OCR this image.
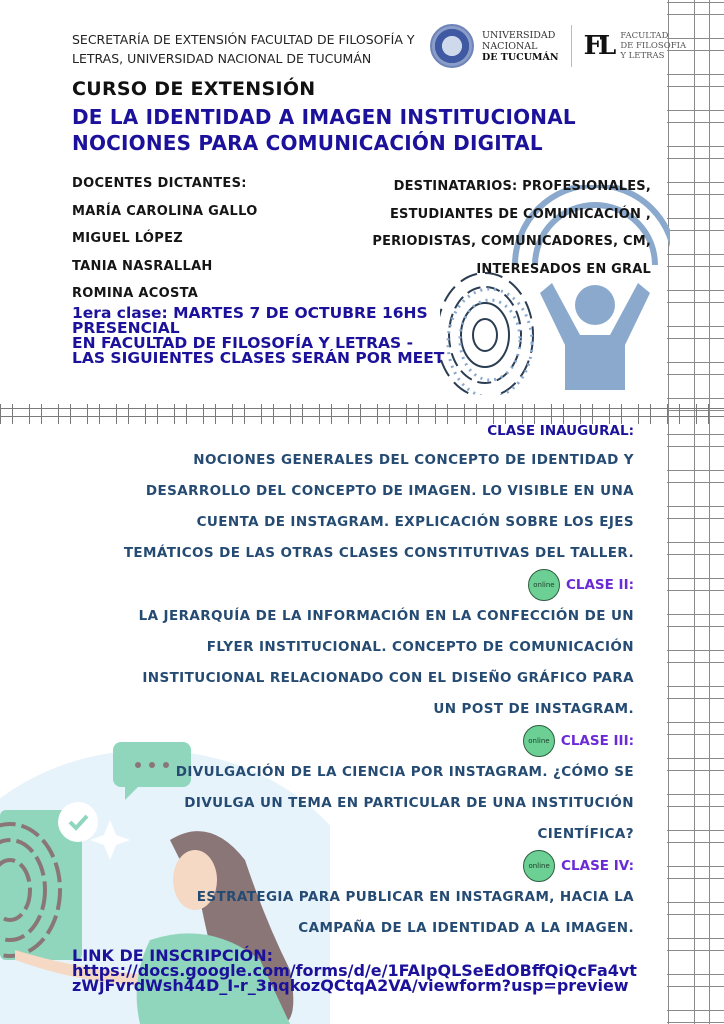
SECRETARÍA DE EXTENSIÓN FACULTAD DE FILOSOFÍA Y
LETRAS, UNIVERSIDAD NACIONAL DE TUCUMÁN
UNIVERSIDAD
NACIONAL
DE TUCUMÁN FL FACULTAD
DE FILOSOFIA
Y LETRAS
CURSO DE EXTENSIÓN
DE LA IDENTIDAD A IMAGEN INSTITUCIONAL
NOCIONES PARA COMUNICACIÓN DIGITAL
DOCENTES DICTANTES:
MARÍA CAROLINA GALLO
MIGUEL LÓPEZ
TANIA NASRALLAH
ROMINA ACOSTA
DESTINATARIOS: PROFESIONALES,
ESTUDIANTES DE COMUNICACIÓN ,
PERIODISTAS, COMUNICADORES, CM,
INTERESADOS EN GRAL
1era clase: MARTES 7 DE OCTUBRE 16HS
PRESENCIAL
EN FACULTAD DE FILOSOFÍA Y LETRAS -
LAS SIGUIENTES CLASES SERÁN POR MEET
CLASE INAUGURAL:
NOCIONES GENERALES DEL CONCEPTO DE IDENTIDAD Y
DESARROLLO DEL CONCEPTO DE IMAGEN. LO VISIBLE EN UNA
CUENTA DE INSTAGRAM. EXPLICACIÓN SOBRE LOS EJES
TEMÁTICOS DE LAS OTRAS CLASES CONSTITUTIVAS DEL TALLER.
online CLASE II:
LA JERARQUÍA DE LA INFORMACIÓN EN LA CONFECCIÓN DE UN
FLYER INSTITUCIONAL. CONCEPTO DE COMUNICACIÓN
INSTITUCIONAL RELACIONADO CON EL DISEÑO GRÁFICO PARA
UN POST DE INSTAGRAM.
online CLASE III:
DIVULGACIÓN DE LA CIENCIA POR INSTAGRAM. ¿CÓMO SE
DIVULGA UN TEMA EN PARTICULAR DE UNA INSTITUCIÓN
CIENTÍFICA?
online CLASE IV:
ESTRATEGIA PARA PUBLICAR EN INSTAGRAM, HACIA LA
CAMPAÑA DE LA IDENTIDAD A LA IMAGEN.
LINK DE INSCRIPCIÓN:
https://docs.google.com/forms/d/e/1FAIpQLSeEdOBffQiQcFa4vt
zWjFvrdWsh44D_I-r_3nqkozQCtqA2VA/viewform?usp=preview
